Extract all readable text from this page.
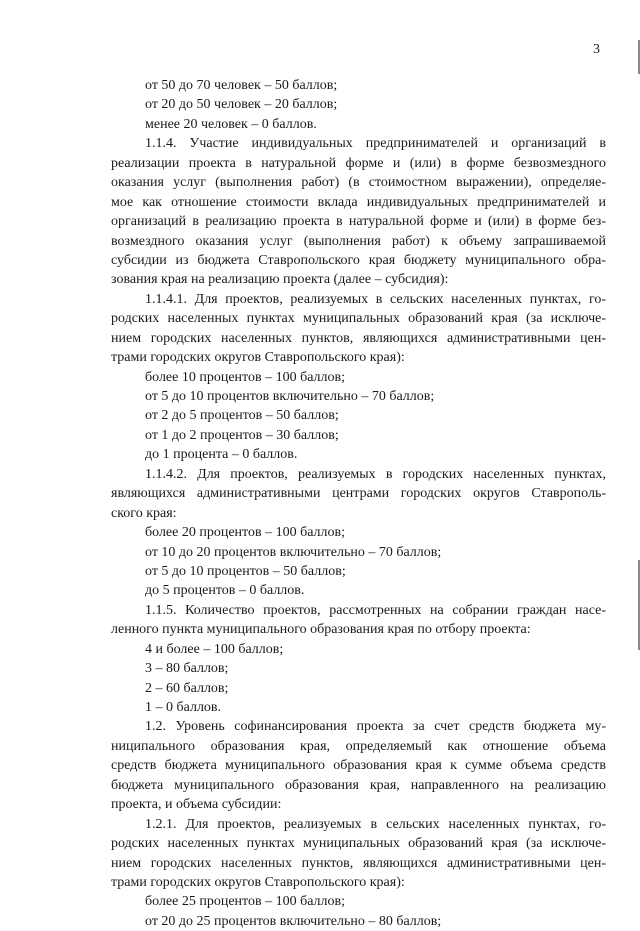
3
от 50 до 70 человек – 50 баллов;
от 20 до 50 человек – 20 баллов;
менее 20 человек – 0 баллов.
1.1.4. Участие индивидуальных предпринимателей и организаций в
реализации проекта в натуральной форме и (или) в форме безвозмездного
оказания услуг (выполнения работ) (в стоимостном выражении), определяе-
мое как отношение стоимости вклада индивидуальных предпринимателей и
организаций в реализацию проекта в натуральной форме и (или) в форме без-
возмездного оказания услуг (выполнения работ) к объему запрашиваемой
субсидии из бюджета Ставропольского края бюджету муниципального обра-
зования края на реализацию проекта (далее – субсидия):
1.1.4.1. Для проектов, реализуемых в сельских населенных пунктах, го-
родских населенных пунктах муниципальных образований края (за исключе-
нием городских населенных пунктов, являющихся административными цен-
трами городских округов Ставропольского края):
более 10 процентов – 100 баллов;
от 5 до 10 процентов включительно – 70 баллов;
от 2 до 5 процентов – 50 баллов;
от 1 до 2 процентов – 30 баллов;
до 1 процента – 0 баллов.
1.1.4.2. Для проектов, реализуемых в городских населенных пунктах,
являющихся административными центрами городских округов Ставрополь-
ского края:
более 20 процентов – 100 баллов;
от 10 до 20 процентов включительно – 70 баллов;
от 5 до 10 процентов – 50 баллов;
до 5 процентов – 0 баллов.
1.1.5. Количество проектов, рассмотренных на собрании граждан насе-
ленного пункта муниципального образования края по отбору проекта:
4 и более – 100 баллов;
3 – 80 баллов;
2 – 60 баллов;
1 – 0 баллов.
1.2. Уровень софинансирования проекта за счет средств бюджета му-
ниципального образования края, определяемый как отношение объема
средств бюджета муниципального образования края к сумме объема средств
бюджета муниципального образования края, направленного на реализацию
проекта, и объема субсидии:
1.2.1. Для проектов, реализуемых в сельских населенных пунктах, го-
родских населенных пунктах муниципальных образований края (за исключе-
нием городских населенных пунктов, являющихся административными цен-
трами городских округов Ставропольского края):
более 25 процентов – 100 баллов;
от 20 до 25 процентов включительно – 80 баллов;
